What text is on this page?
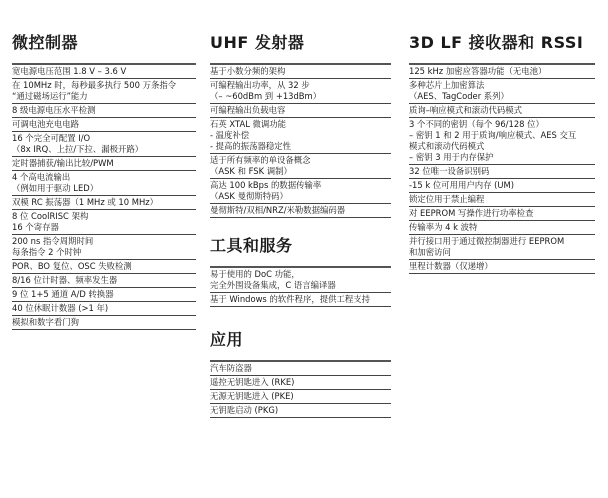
微控制器
宽电源电压范围 1.8 V – 3.6 V
在 10MHz 时，每秒最多执行 500 万条指令
“通过磁场运行”能力
8 级电源电压水平检测
可调电池充电电路
16 个完全可配置 I/O
（8x IRQ、上拉/下拉、漏极开路）
定时器捕获/输出比较/PWM
4 个高电流输出
（例如用于驱动 LED）
双模 RC 振荡器（1 MHz 或 10 MHz）
8 位 CoolRISC 架构
16 个寄存器
200 ns 指令周期时间
每条指令 2 个时钟
POR、BO 复位、OSC 失败检测
8/16 位计时器、频率发生器
9 位 1+5 通道 A/D 转换器
40 位休眠计数器 (>1 年)
模拟和数字看门狗
UHF 发射器
基于小数分频的架构
可编程输出功率，从 32 步
（– ~60dBm 到 +13dBm）
可编程输出负载电容
石英 XTAL 微调功能
- 温度补偿
- 提高的振荡器稳定性
适于所有频率的单设备概念
（ASK 和 FSK 调制）
高达 100 kBps 的数据传输率
（ASK 曼彻斯特码）
曼彻斯特/双相/NRZ/米勒数据编码器
工具和服务
易于使用的 DoC 功能，
完全外围设备集成，C 语言编译器
基于 Windows 的软件程序，提供工程支持
应用
汽车防盗器
遥控无钥匙进入 (RKE)
无源无钥匙进入 (PKE)
无钥匙启动 (PKG)
3D LF 接收器和 RSSI
125 kHz 加密应答器功能（无电池）
多种芯片上加密算法
（AES、TagCoder 系列）
质询–响应模式和滚动代码模式
3 个不同的密钥（每个 96/128 位）
– 密钥 1 和 2 用于质询/响应模式、AES 交互
模式和滚动代码模式
– 密钥 3 用于内存保护
32 位唯一设备识别码
-15 k 位可用用户内存 (UM)
锁定位用于禁止编程
对 EEPROM 写操作进行功率检查
传输率为 4 k 波特
并行接口用于通过微控制器进行 EEPROM
和加密访问
里程计数器（仅递增）
